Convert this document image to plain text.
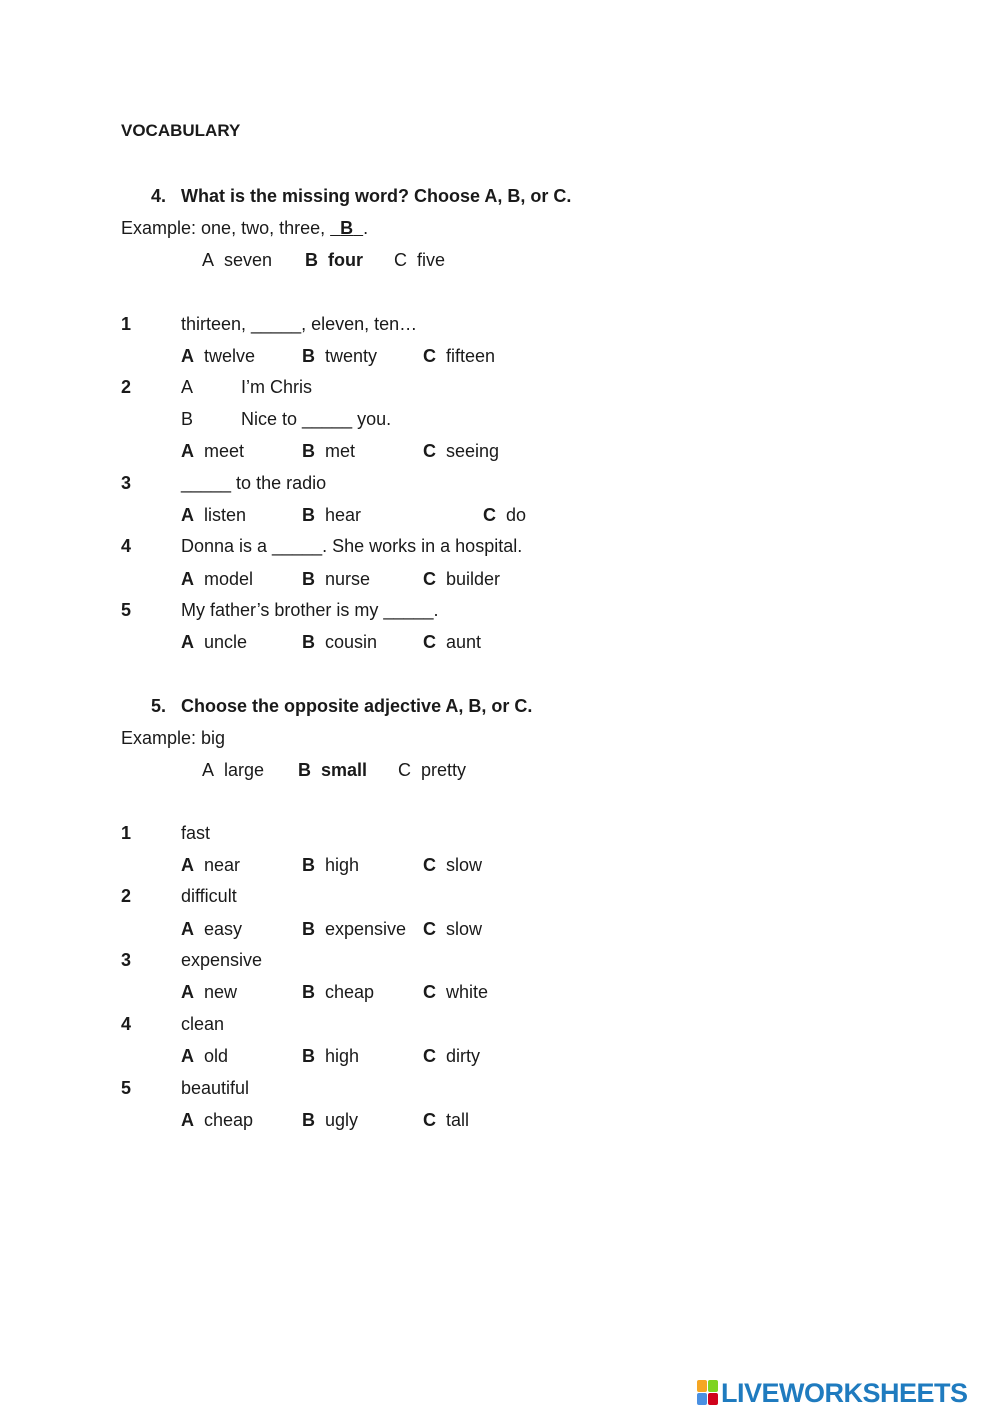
VOCABULARY
4. What is the missing word? Choose A, B, or C.
Example: one, two, three,   B .
A seven B four C five
1	thirteen, _____, eleven, ten…
A twelve	B twenty	C fifteen
2	A	I’m Chris
B	Nice to _____ you.
A meet	B met	C seeing
3	_____ to the radio
A listen	B hear	C do
4	Donna is a _____. She works in a hospital.
A model	B nurse	C builder
5	My father’s brother is my _____.
A uncle	B cousin	C aunt
5. Choose the opposite adjective A, B, or C.
Example: big
A large B small C pretty
1	fast
A near	B high	C slow
2	difficult
A easy	B expensive C slow
3	expensive
A new	B cheap	C white
4	clean
A old	B high	C dirty
5	beautiful
A cheap	B ugly	C tall
LIVEWORKSHEETS
